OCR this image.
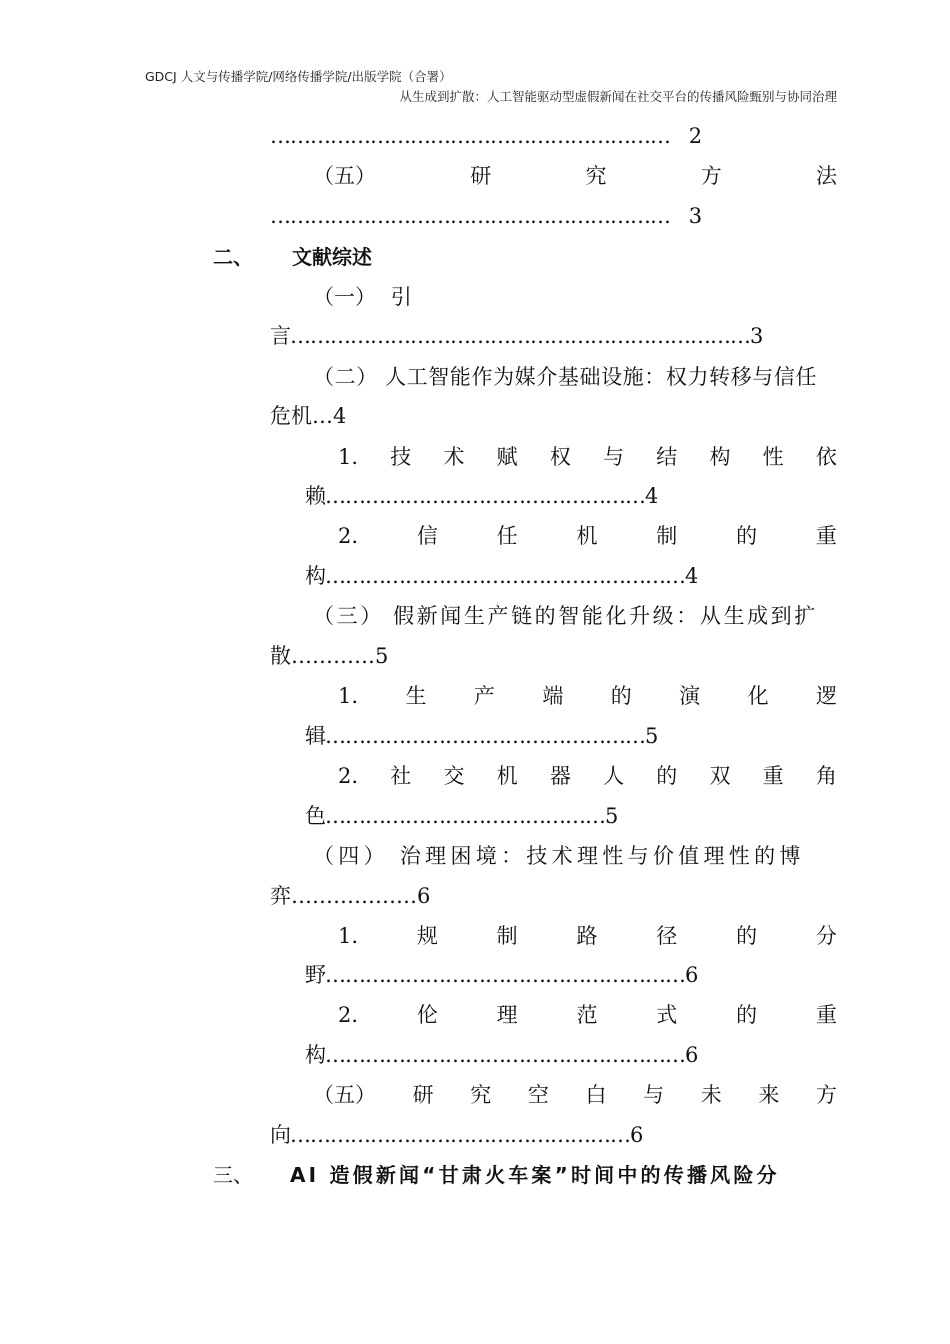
GDCJ 人文与传播学院/网络传播学院/出版学院（合署）
从生成到扩散：人工智能驱动型虚假新闻在社交平台的传播风险甄别与协同治理
…………………………………………………… 2
（五）	研	究	方	法
…………………………………………………… 3
二、 文献综述
（一） 引
言……………………………………………………………3
（二） 人工智能作为媒介基础设施：权力转移与信任
危机…4
1. 技 术 赋 权 与 结 构 性 依
赖…………………………………………4
2.	信	任	机	制	的	重
构………………………………………………4
（三） 假新闻生产链的智能化升级：从生成到扩
散…………5
1. 生 产 端 的 演 化 逻
辑…………………………………………5
2. 社 交 机 器 人 的 双 重 角
色……………………………………5
（四） 治理困境：技术理性与价值理性的博
弈………………6
1.	规	制	路	径	的	分
野………………………………………………6
2.	伦	理	范	式	的	重
构………………………………………………6
（五） 研 究 空 白 与 未 来 方
向……………………………………………6
三、 AI 造假新闻“甘肃火车案”时间中的传播风险分
